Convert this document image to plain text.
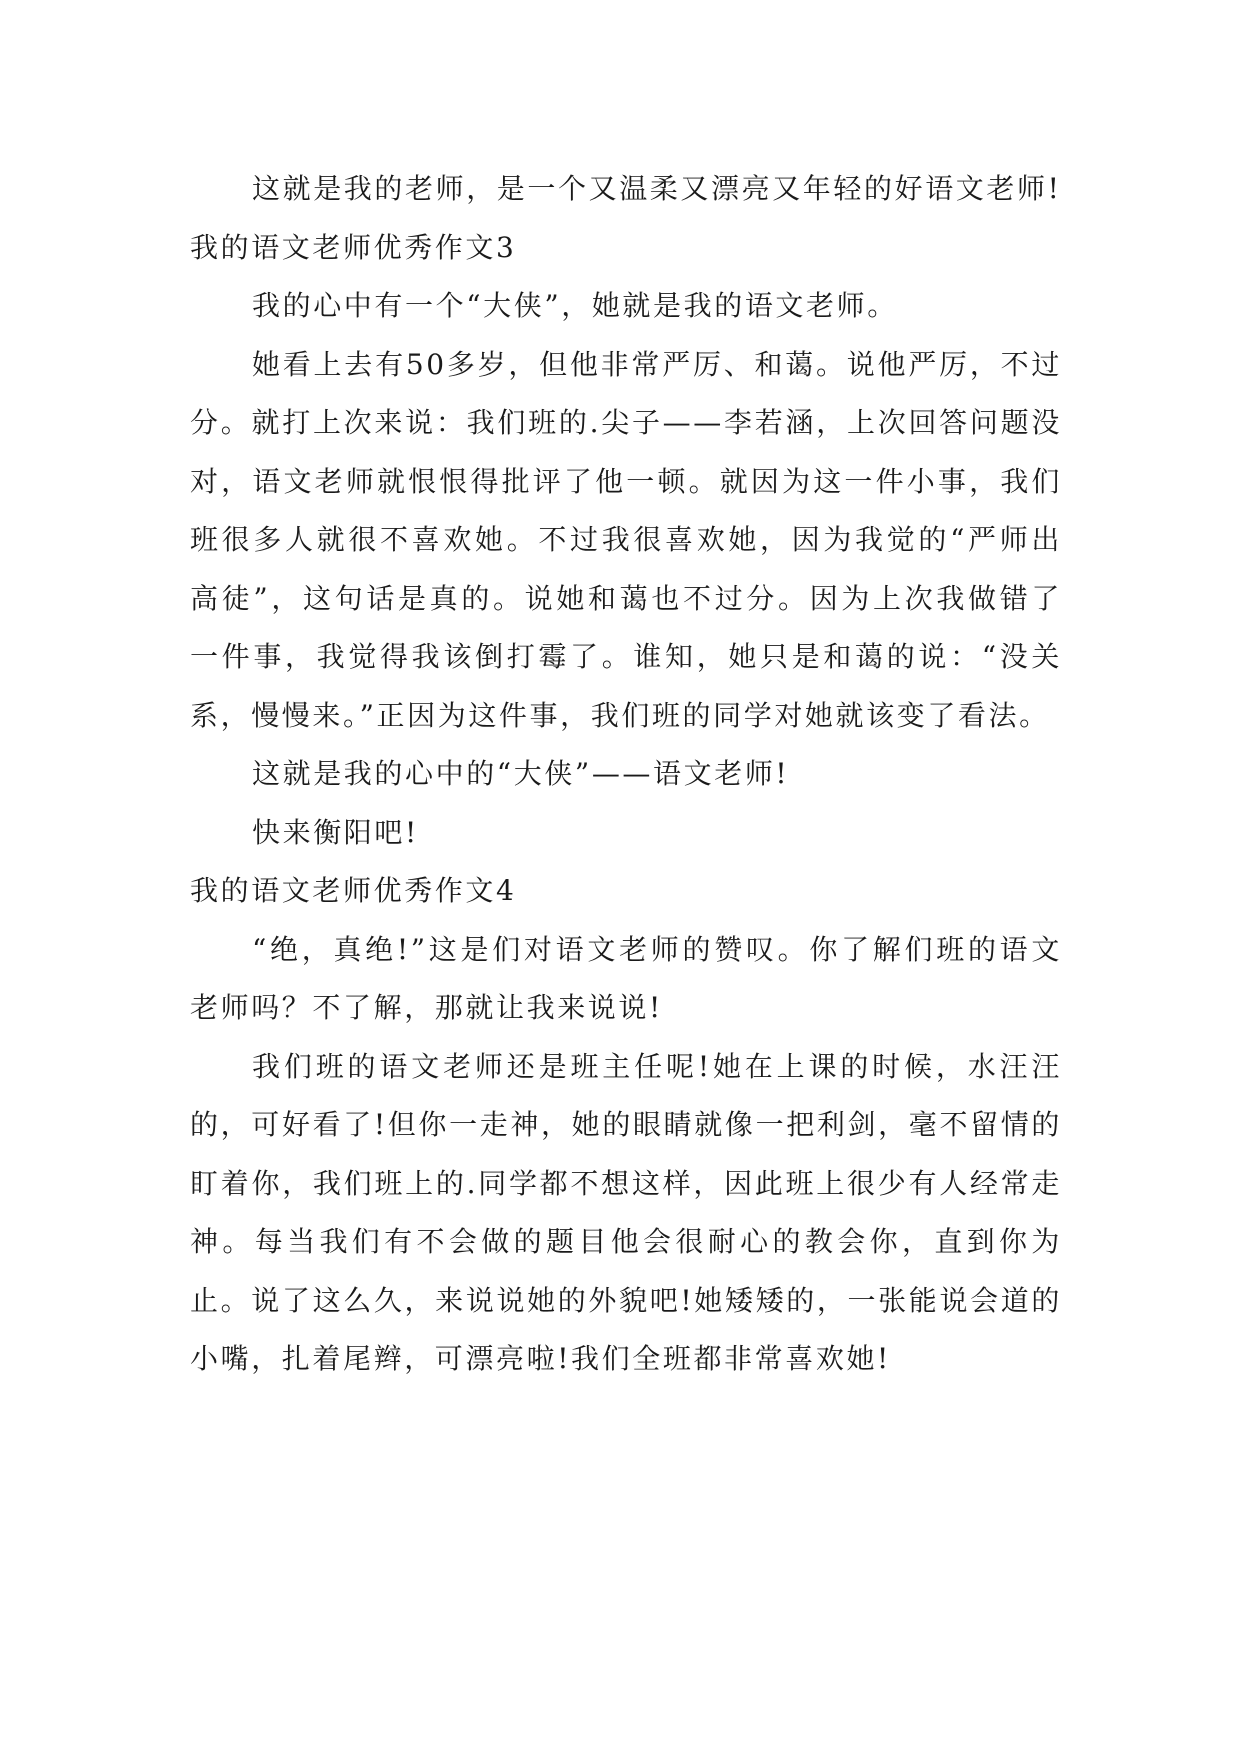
这就是我的老师，是一个又温柔又漂亮又年轻的好语文老师!

我的语文老师优秀作文3

我的心中有一个“大侠”，她就是我的语文老师。

她看上去有50多岁，但他非常严厉、和蔼。说他严厉，不过分。就打上次来说：我们班的.尖子——李若涵，上次回答问题没对，语文老师就恨恨得批评了他一顿。就因为这一件小事，我们班很多人就很不喜欢她。不过我很喜欢她，因为我觉的“严师出高徒”，这句话是真的。说她和蔼也不过分。因为上次我做错了一件事，我觉得我该倒打霉了。谁知，她只是和蔼的说：“没关系，慢慢来。”正因为这件事，我们班的同学对她就该变了看法。

这就是我的心中的“大侠”——语文老师!

快来衡阳吧!

我的语文老师优秀作文4

“绝，真绝!”这是们对语文老师的赞叹。你了解们班的语文老师吗？不了解，那就让我来说说!

我们班的语文老师还是班主任呢!她在上课的时候，水汪汪的，可好看了!但你一走神，她的眼睛就像一把利剑，毫不留情的盯着你，我们班上的.同学都不想这样，因此班上很少有人经常走神。每当我们有不会做的题目他会很耐心的教会你，直到你为止。说了这么久，来说说她的外貌吧!她矮矮的，一张能说会道的小嘴，扎着尾辫，可漂亮啦!我们全班都非常喜欢她!
